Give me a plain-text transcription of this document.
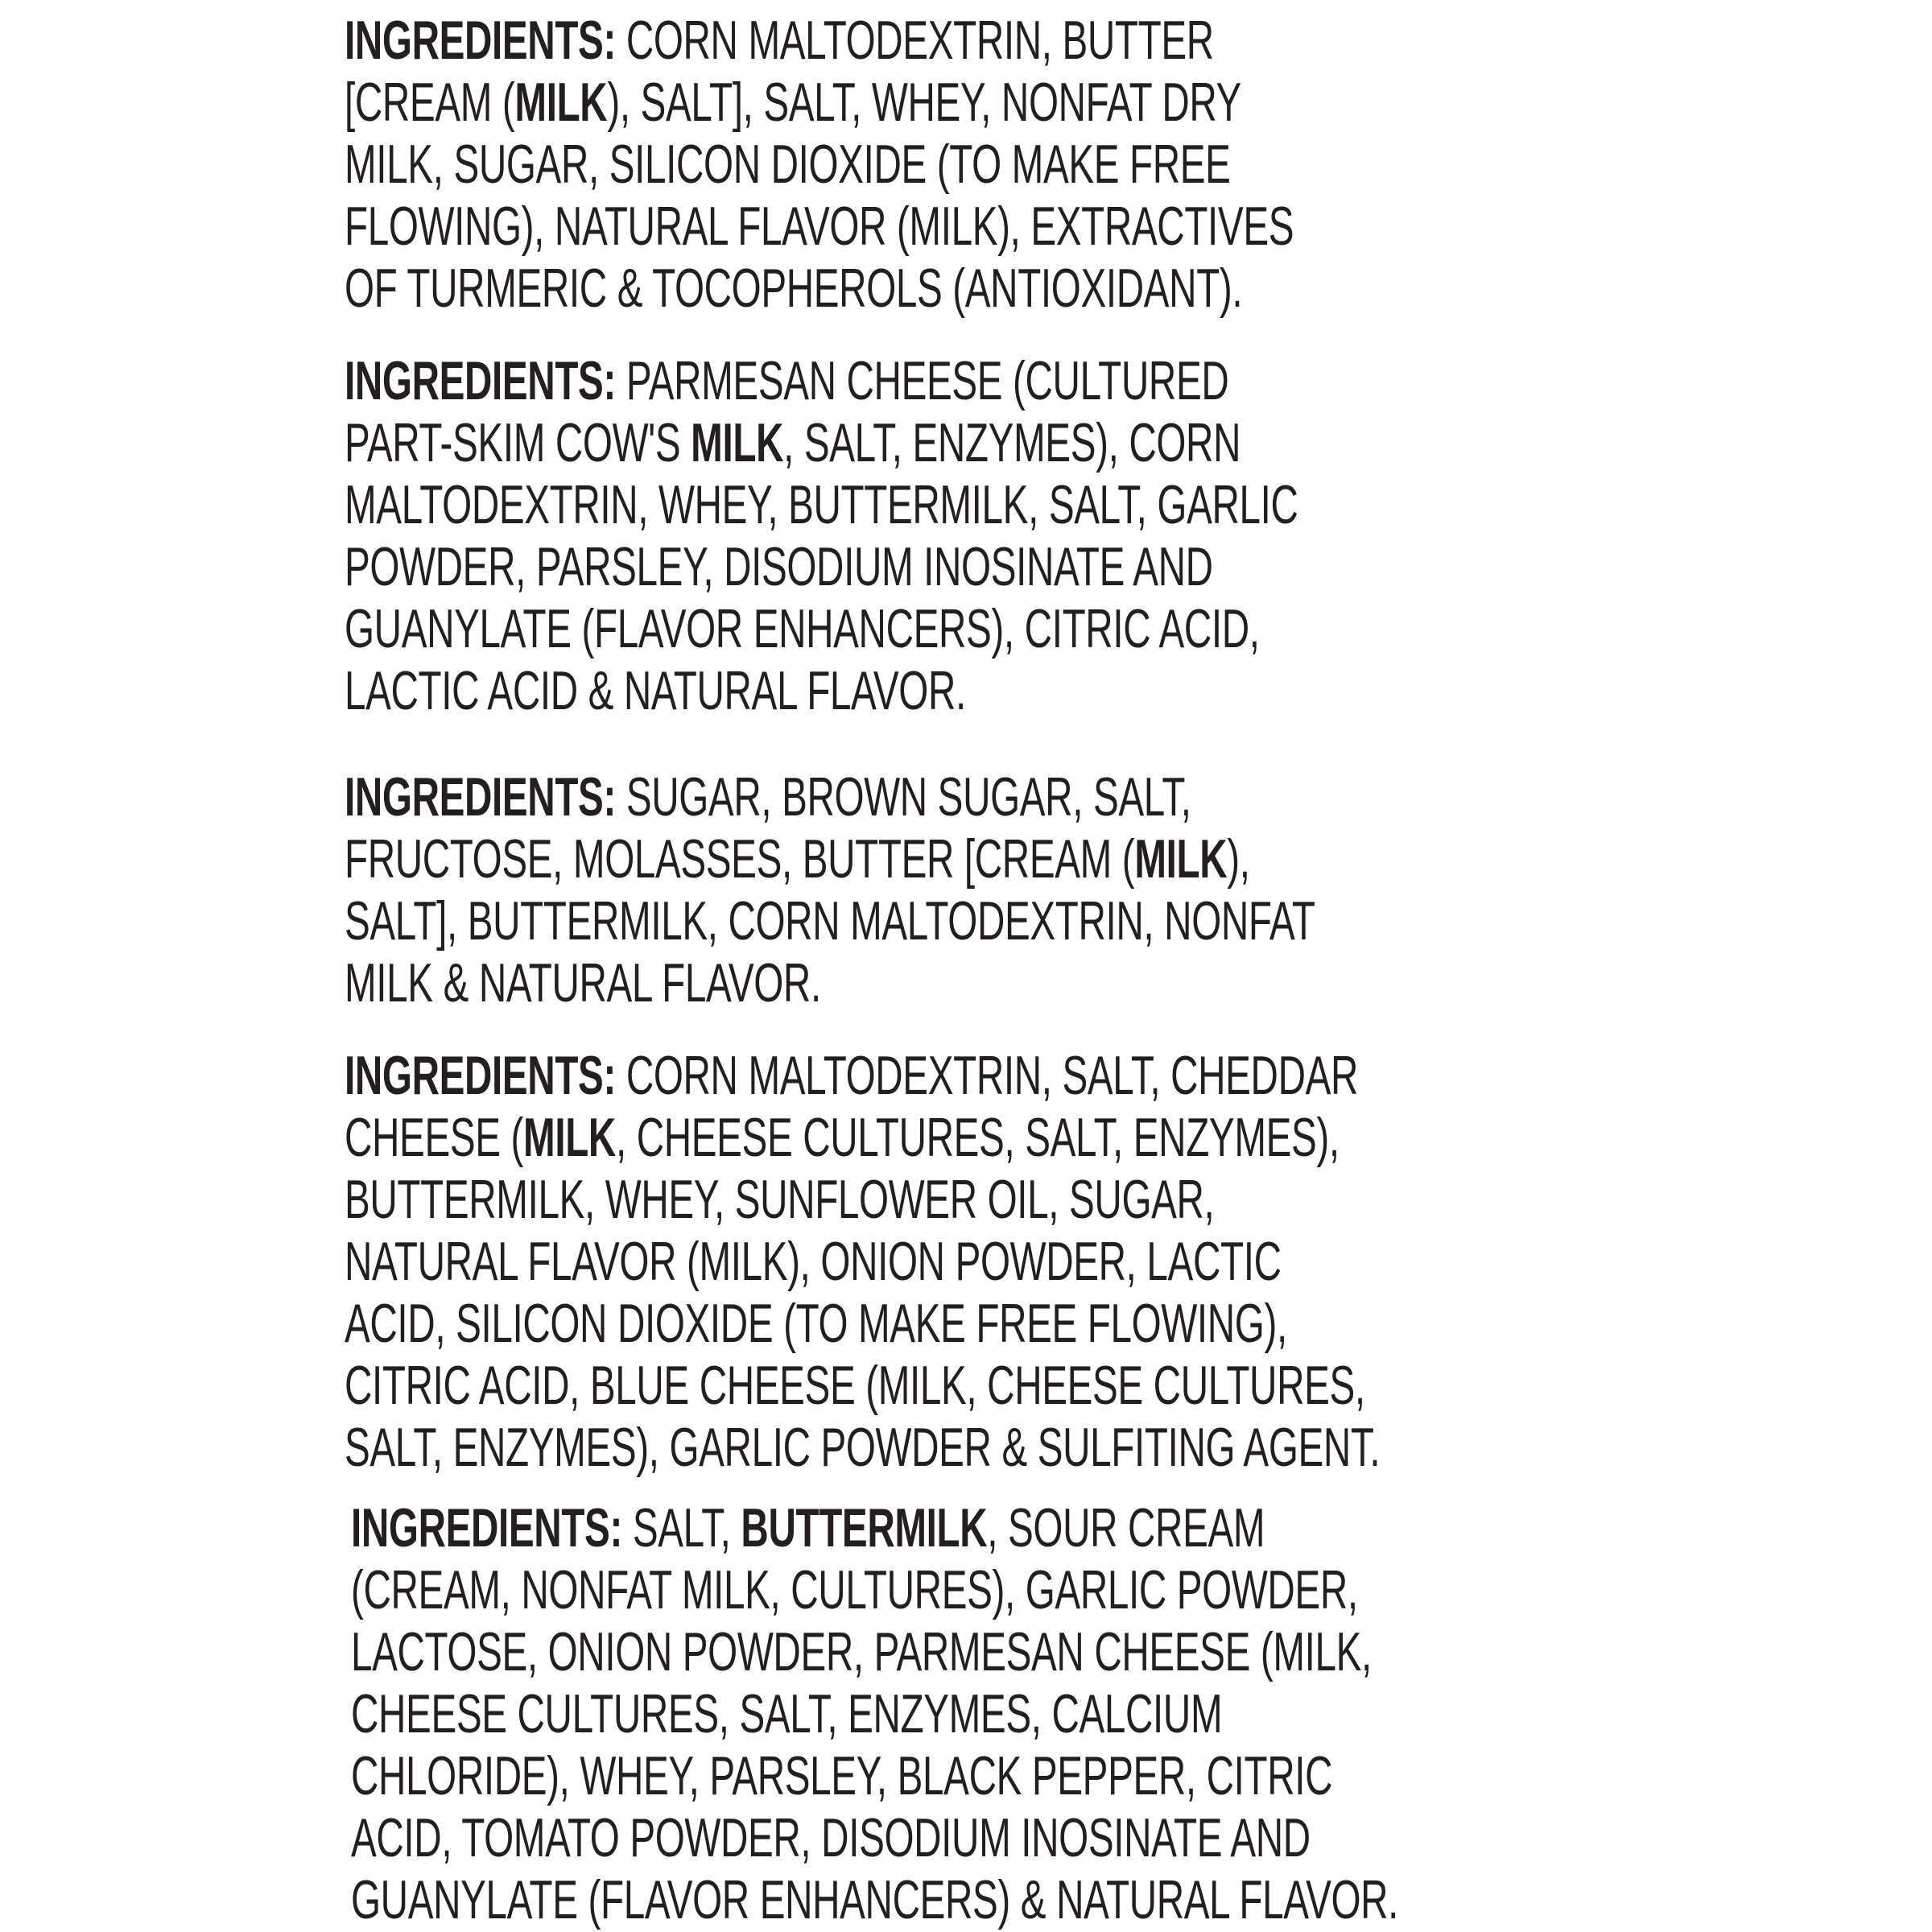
INGREDIENTS: CORN MALTODEXTRIN, BUTTER
[CREAM (MILK), SALT], SALT, WHEY, NONFAT DRY
MILK, SUGAR, SILICON DIOXIDE (TO MAKE FREE
FLOWING), NATURAL FLAVOR (MILK), EXTRACTIVES
OF TURMERIC & TOCOPHEROLS (ANTIOXIDANT).
INGREDIENTS: PARMESAN CHEESE (CULTURED
PART-SKIM COW'S MILK, SALT, ENZYMES), CORN
MALTODEXTRIN, WHEY, BUTTERMILK, SALT, GARLIC
POWDER, PARSLEY, DISODIUM INOSINATE AND
GUANYLATE (FLAVOR ENHANCERS), CITRIC ACID,
LACTIC ACID & NATURAL FLAVOR.
INGREDIENTS: SUGAR, BROWN SUGAR, SALT,
FRUCTOSE, MOLASSES, BUTTER [CREAM (MILK),
SALT], BUTTERMILK, CORN MALTODEXTRIN, NONFAT
MILK & NATURAL FLAVOR.
INGREDIENTS: CORN MALTODEXTRIN, SALT, CHEDDAR
CHEESE (MILK, CHEESE CULTURES, SALT, ENZYMES),
BUTTERMILK, WHEY, SUNFLOWER OIL, SUGAR,
NATURAL FLAVOR (MILK), ONION POWDER, LACTIC
ACID, SILICON DIOXIDE (TO MAKE FREE FLOWING),
CITRIC ACID, BLUE CHEESE (MILK, CHEESE CULTURES,
SALT, ENZYMES), GARLIC POWDER & SULFITING AGENT.
INGREDIENTS: SALT, BUTTERMILK, SOUR CREAM
(CREAM, NONFAT MILK, CULTURES), GARLIC POWDER,
LACTOSE, ONION POWDER, PARMESAN CHEESE (MILK,
CHEESE CULTURES, SALT, ENZYMES, CALCIUM
CHLORIDE), WHEY, PARSLEY, BLACK PEPPER, CITRIC
ACID, TOMATO POWDER, DISODIUM INOSINATE AND
GUANYLATE (FLAVOR ENHANCERS) & NATURAL FLAVOR.
